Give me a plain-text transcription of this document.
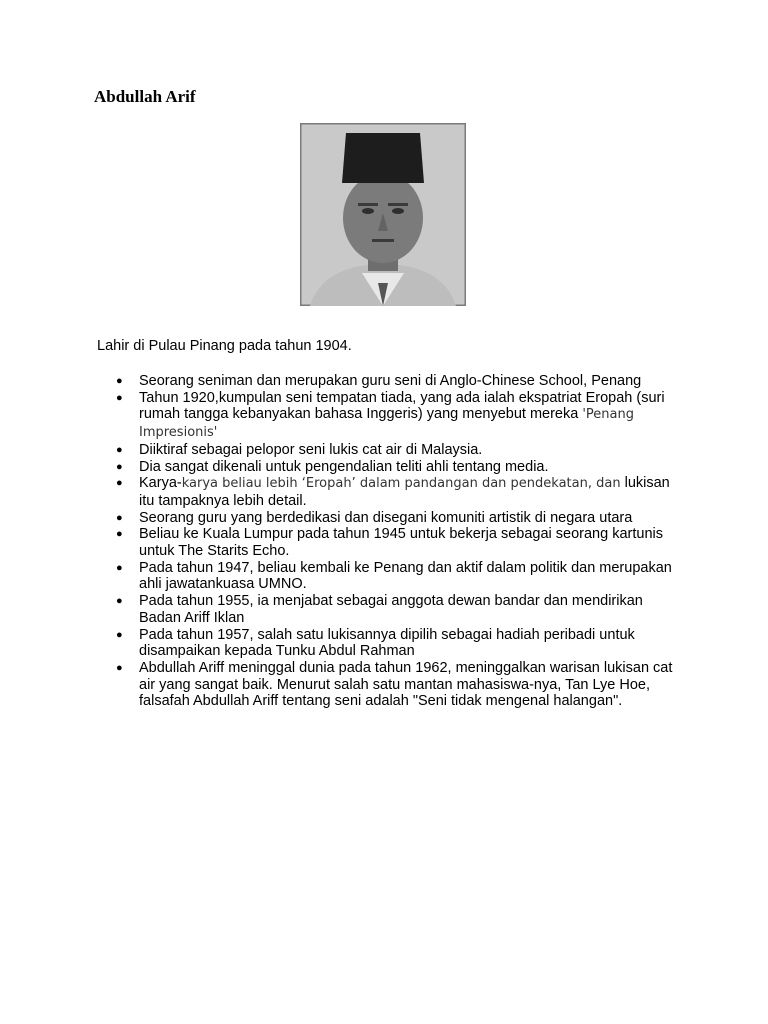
Abdullah Arif

Lahir di Pulau Pinang pada tahun 1904.

● Seorang seniman dan merupakan guru seni di Anglo-Chinese School, Penang
● Tahun 1920,kumpulan seni tempatan tiada, yang ada ialah ekspatriat Eropah (suri rumah tangga kebanyakan bahasa Inggeris) yang menyebut mereka 'Penang Impresionis'
● Diiktiraf sebagai pelopor seni lukis cat air di Malaysia.
● Dia sangat dikenali untuk pengendalian teliti ahli tentang media.
● Karya-karya beliau lebih ‘Eropah’ dalam pandangan dan pendekatan, dan lukisan itu tampaknya lebih detail.
● Seorang guru yang berdedikasi dan disegani komuniti artistik di negara utara
● Beliau ke Kuala Lumpur pada tahun 1945 untuk bekerja sebagai seorang kartunis untuk The Starits Echo.
● Pada tahun 1947, beliau kembali ke Penang dan aktif dalam politik dan merupakan ahli jawatankuasa UMNO.
● Pada tahun 1955, ia menjabat sebagai anggota dewan bandar dan mendirikan Badan Ariff Iklan
● Pada tahun 1957, salah satu lukisannya dipilih sebagai hadiah peribadi untuk disampaikan kepada Tunku Abdul Rahman
● Abdullah Ariff meninggal dunia pada tahun 1962, meninggalkan warisan lukisan cat air yang sangat baik. Menurut salah satu mantan mahasiswa-nya, Tan Lye Hoe, falsafah Abdullah Ariff tentang seni adalah "Seni tidak mengenal halangan".
